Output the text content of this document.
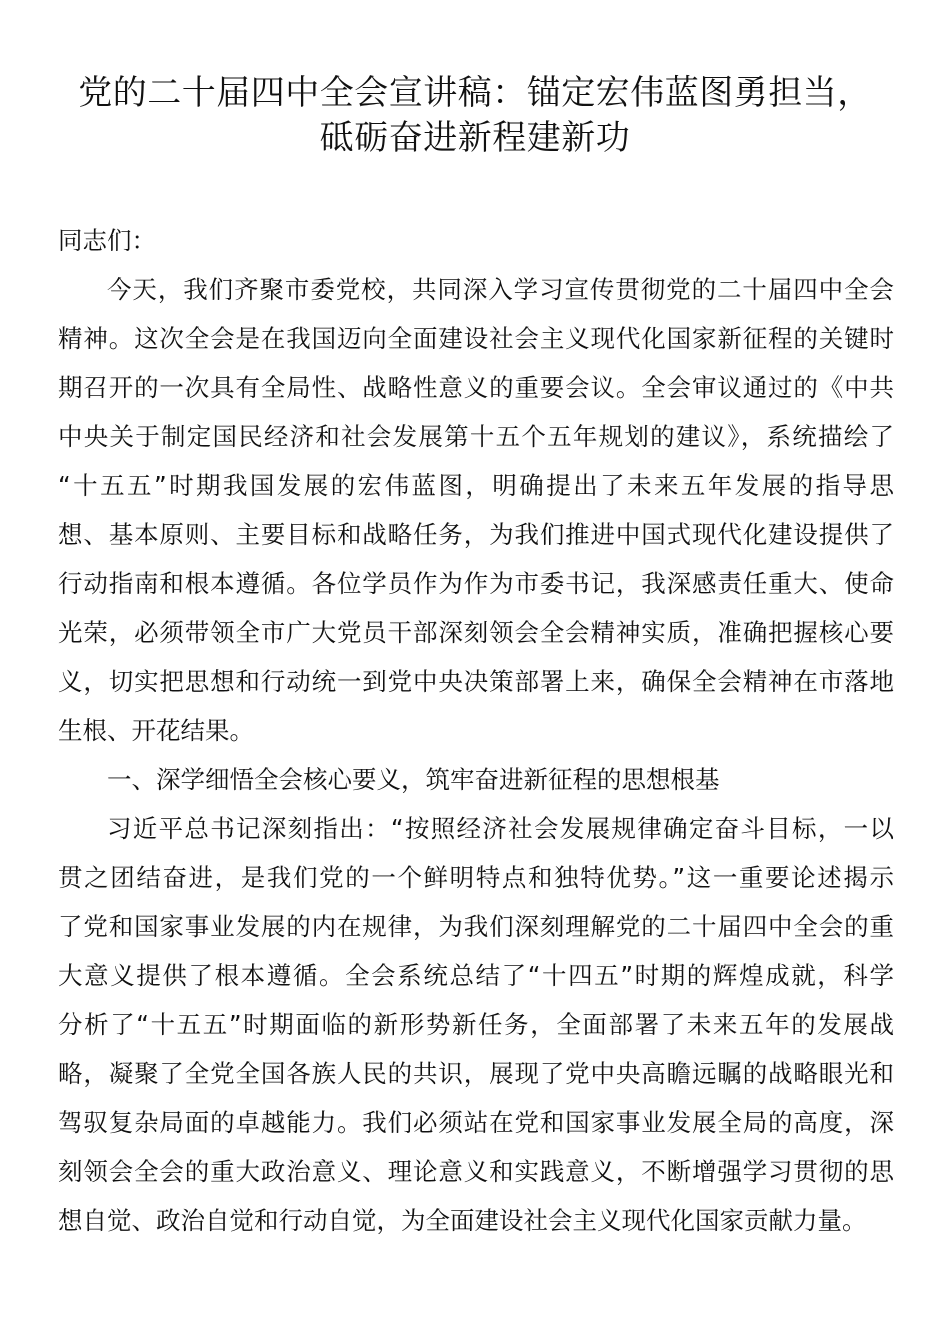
党的二十届四中全会宣讲稿：锚定宏伟蓝图勇担当，
砥砺奋进新程建新功
同志们：
今天，我们齐聚市委党校，共同深入学习宣传贯彻党的二十届四中全会
精神。这次全会是在我国迈向全面建设社会主义现代化国家新征程的关键时
期召开的一次具有全局性、战略性意义的重要会议。全会审议通过的《中共
中央关于制定国民经济和社会发展第十五个五年规划的建议》，系统描绘了
“十五五”时期我国发展的宏伟蓝图，明确提出了未来五年发展的指导思
想、基本原则、主要目标和战略任务，为我们推进中国式现代化建设提供了
行动指南和根本遵循。各位学员作为作为市委书记，我深感责任重大、使命
光荣，必须带领全市广大党员干部深刻领会全会精神实质，准确把握核心要
义，切实把思想和行动统一到党中央决策部署上来，确保全会精神在市落地
生根、开花结果。
一、深学细悟全会核心要义，筑牢奋进新征程的思想根基
习近平总书记深刻指出：“按照经济社会发展规律确定奋斗目标，一以
贯之团结奋进，是我们党的一个鲜明特点和独特优势。”这一重要论述揭示
了党和国家事业发展的内在规律，为我们深刻理解党的二十届四中全会的重
大意义提供了根本遵循。全会系统总结了“十四五”时期的辉煌成就，科学
分析了“十五五”时期面临的新形势新任务，全面部署了未来五年的发展战
略，凝聚了全党全国各族人民的共识，展现了党中央高瞻远瞩的战略眼光和
驾驭复杂局面的卓越能力。我们必须站在党和国家事业发展全局的高度，深
刻领会全会的重大政治意义、理论意义和实践意义，不断增强学习贯彻的思
想自觉、政治自觉和行动自觉，为全面建设社会主义现代化国家贡献力量。
